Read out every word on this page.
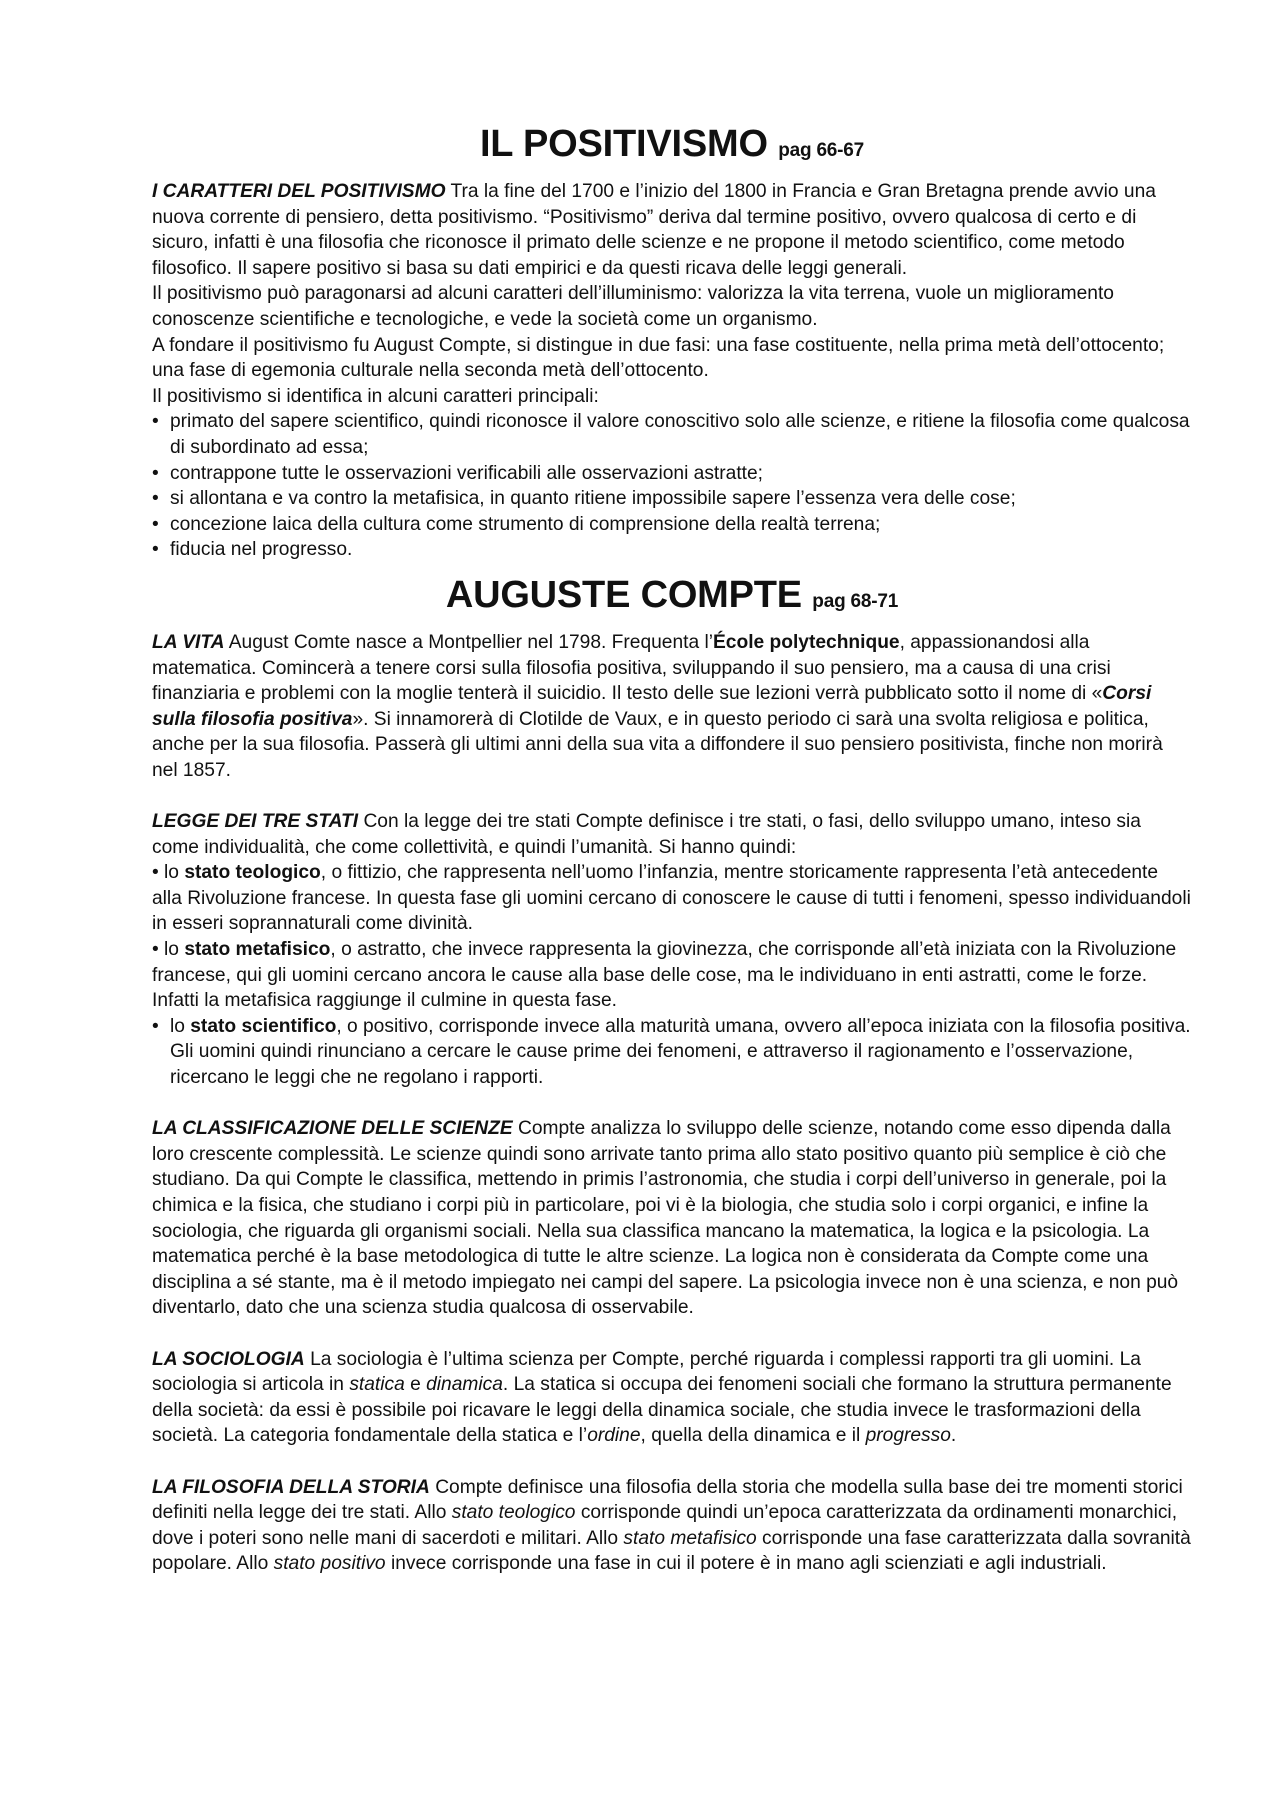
IL POSITIVISMO pag 66-67

I CARATTERI DEL POSITIVISMO Tra la fine del 1700 e l’inizio del 1800 in Francia e Gran Bretagna prende avvio una nuova corrente di pensiero, detta positivismo. “Positivismo” deriva dal termine positivo, ovvero qualcosa di certo e di sicuro, infatti è una filosofia che riconosce il primato delle scienze e ne propone il metodo scientifico, come metodo filosofico. Il sapere positivo si basa su dati empirici e da questi ricava delle leggi generali.

Il positivismo può paragonarsi ad alcuni caratteri dell’illuminismo: valorizza la vita terrena, vuole un miglioramento conoscenze scientifiche e tecnologiche, e vede la società come un organismo.

A fondare il positivismo fu August Compte, si distingue in due fasi: una fase costituente, nella prima metà dell’ottocento; una fase di egemonia culturale nella seconda metà dell’ottocento.

Il positivismo si identifica in alcuni caratteri principali:

• primato del sapere scientifico, quindi riconosce il valore conoscitivo solo alle scienze, e ritiene la filosofia come qualcosa di subordinato ad essa;
• contrappone tutte le osservazioni verificabili alle osservazioni astratte;
• si allontana e va contro la metafisica, in quanto ritiene impossibile sapere l’essenza vera delle cose;
• concezione laica della cultura come strumento di comprensione della realtà terrena;
• fiducia nel progresso.
AUGUSTE COMPTE pag 68-71

LA VITA August Comte nasce a Montpellier nel 1798. Frequenta l’École polytechnique, appassionandosi alla matematica. Comincerà a tenere corsi sulla filosofia positiva, sviluppando il suo pensiero, ma a causa di una crisi finanziaria e problemi con la moglie tenterà il suicidio. Il testo delle sue lezioni verrà pubblicato sotto il nome di «Corsi sulla filosofia positiva». Si innamorerà di Clotilde de Vaux, e in questo periodo ci sarà una svolta religiosa e politica, anche per la sua filosofia. Passerà gli ultimi anni della sua vita a diffondere il suo pensiero positivista, finche non morirà nel 1857.

LEGGE DEI TRE STATI Con la legge dei tre stati Compte definisce i tre stati, o fasi, dello sviluppo umano, inteso sia come individualità, che come collettività, e quindi l’umanità. Si hanno quindi:

• lo stato teologico, o fittizio, che rappresenta nell’uomo l’infanzia, mentre storicamente rappresenta l’età antecedente alla Rivoluzione francese. In questa fase gli uomini cercano di conoscere le cause di tutti i fenomeni, spesso individuandoli in esseri soprannaturali come divinità.

• lo stato metafisico, o astratto, che invece rappresenta la giovinezza, che corrisponde all’età iniziata con la Rivoluzione francese, qui gli uomini cercano ancora le cause alla base delle cose, ma le individuano in enti astratti, come le forze. Infatti la metafisica raggiunge il culmine in questa fase.

• lo stato scientifico, o positivo, corrisponde invece alla maturità umana, ovvero all’epoca iniziata con la filosofia positiva. Gli uomini quindi rinunciano a cercare le cause prime dei fenomeni, e attraverso il ragionamento e l’osservazione, ricercano le leggi che ne regolano i rapporti.

LA CLASSIFICAZIONE DELLE SCIENZE Compte analizza lo sviluppo delle scienze, notando come esso dipenda dalla loro crescente complessità. Le scienze quindi sono arrivate tanto prima allo stato positivo quanto più semplice è ciò che studiano. Da qui Compte le classifica, mettendo in primis l’astronomia, che studia i corpi dell’universo in generale, poi la chimica e la fisica, che studiano i corpi più in particolare, poi vi è la biologia, che studia solo i corpi organici, e infine la sociologia, che riguarda gli organismi sociali. Nella sua classifica mancano la matematica, la logica e la psicologia. La matematica perché è la base metodologica di tutte le altre scienze. La logica non è considerata da Compte come una disciplina a sé stante, ma è il metodo impiegato nei campi del sapere. La psicologia invece non è una scienza, e non può diventarlo, dato che una scienza studia qualcosa di osservabile.

LA SOCIOLOGIA La sociologia è l’ultima scienza per Compte, perché riguarda i complessi rapporti tra gli uomini. La sociologia si articola in statica e dinamica. La statica si occupa dei fenomeni sociali che formano la struttura permanente della società: da essi è possibile poi ricavare le leggi della dinamica sociale, che studia invece le trasformazioni della società. La categoria fondamentale della statica e l’ordine, quella della dinamica e il progresso.

LA FILOSOFIA DELLA STORIA Compte definisce una filosofia della storia che modella sulla base dei tre momenti storici definiti nella legge dei tre stati. Allo stato teologico corrisponde quindi un’epoca caratterizzata da ordinamenti monarchici, dove i poteri sono nelle mani di sacerdoti e militari. Allo stato metafisico corrisponde una fase caratterizzata dalla sovranità popolare. Allo stato positivo invece corrisponde una fase in cui il potere è in mano agli scienziati e agli industriali.
